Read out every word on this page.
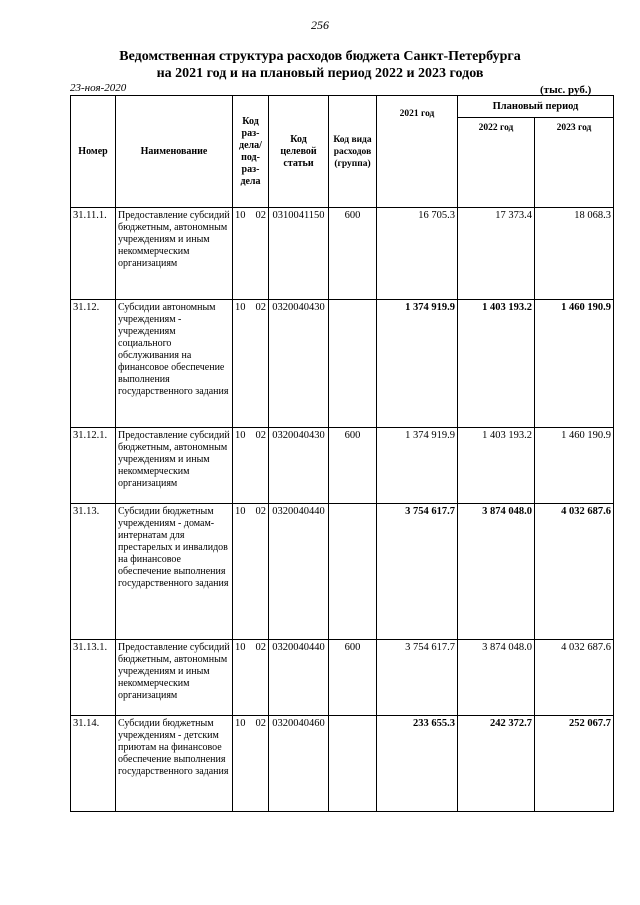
256
Ведомственная структура расходов бюджета Санкт-Петербурга
на 2021 год и на плановый период 2022 и 2023 годов
23-ноя-2020	(тыс. руб.)
Номер	Наименование	Код раз-дела/ под-раз-дела	Код целевой статьи	Код вида расходов (группа)	2021 год	Плановый период	
						2022 год	2023 год
31.11.1.	Предоставление субсидий бюджетным, автономным учреждениям и иным некоммерческим организациям	10 02	0310041150	600	16 705.3	17 373.4	18 068.3
31.12.	Субсидии автономным учреждениям - учреждениям социального обслуживания на финансовое обеспечение выполнения государственного задания	10 02	0320040430		1 374 919.9	1 403 193.2	1 460 190.9
31.12.1.	Предоставление субсидий бюджетным, автономным учреждениям и иным некоммерческим организациям	10 02	0320040430	600	1 374 919.9	1 403 193.2	1 460 190.9
31.13.	Субсидии бюджетным учреждениям - домам-интернатам для престарелых и инвалидов на финансовое обеспечение выполнения государственного задания	10 02	0320040440		3 754 617.7	3 874 048.0	4 032 687.6
31.13.1.	Предоставление субсидий бюджетным, автономным учреждениям и иным некоммерческим организациям	10 02	0320040440	600	3 754 617.7	3 874 048.0	4 032 687.6
31.14.	Субсидии бюджетным учреждениям - детским приютам на финансовое обеспечение выполнения государственного задания	10 02	0320040460		233 655.3	242 372.7	252 067.7
